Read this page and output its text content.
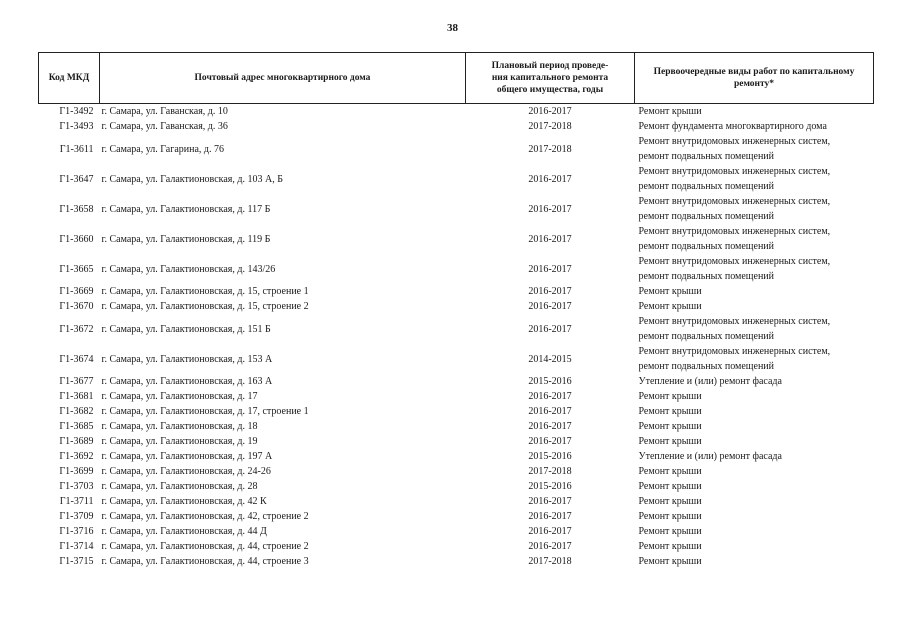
38
Код МКД	Почтовый адрес многоквартирного дома	Плановый период проведе-
ния капитального ремонта
общего имущества, годы	Первоочередные виды работ по капитальному
ремонту*
Г1-3492	г. Самара, ул. Гаванская, д. 10	2016-2017	Ремонт крыши
Г1-3493	г. Самара, ул. Гаванская, д. 36	2017-2018	Ремонт фундамента многоквартирного дома
Г1-3611	г. Самара, ул. Гагарина, д. 76	2017-2018	Ремонт внутридомовых инженерных систем,
ремонт подвальных помещений
Г1-3647	г. Самара, ул. Галактионовская, д. 103 А, Б	2016-2017	Ремонт внутридомовых инженерных систем,
ремонт подвальных помещений
Г1-3658	г. Самара, ул. Галактионовская, д. 117 Б	2016-2017	Ремонт внутридомовых инженерных систем,
ремонт подвальных помещений
Г1-3660	г. Самара, ул. Галактионовская, д. 119 Б	2016-2017	Ремонт внутридомовых инженерных систем,
ремонт подвальных помещений
Г1-3665	г. Самара, ул. Галактионовская, д. 143/26	2016-2017	Ремонт внутридомовых инженерных систем,
ремонт подвальных помещений
Г1-3669	г. Самара, ул. Галактионовская, д. 15, строение 1	2016-2017	Ремонт крыши
Г1-3670	г. Самара, ул. Галактионовская, д. 15, строение 2	2016-2017	Ремонт крыши
Г1-3672	г. Самара, ул. Галактионовская, д. 151 Б	2016-2017	Ремонт внутридомовых инженерных систем,
ремонт подвальных помещений
Г1-3674	г. Самара, ул. Галактионовская, д. 153 А	2014-2015	Ремонт внутридомовых инженерных систем,
ремонт подвальных помещений
Г1-3677	г. Самара, ул. Галактионовская, д. 163 А	2015-2016	Утепление и (или) ремонт фасада
Г1-3681	г. Самара, ул. Галактионовская, д. 17	2016-2017	Ремонт крыши
Г1-3682	г. Самара, ул. Галактионовская, д. 17, строение 1	2016-2017	Ремонт крыши
Г1-3685	г. Самара, ул. Галактионовская, д. 18	2016-2017	Ремонт крыши
Г1-3689	г. Самара, ул. Галактионовская, д. 19	2016-2017	Ремонт крыши
Г1-3692	г. Самара, ул. Галактионовская, д. 197 А	2015-2016	Утепление и (или) ремонт фасада
Г1-3699	г. Самара, ул. Галактионовская, д. 24-26	2017-2018	Ремонт крыши
Г1-3703	г. Самара, ул. Галактионовская, д. 28	2015-2016	Ремонт крыши
Г1-3711	г. Самара, ул. Галактионовская, д. 42 К	2016-2017	Ремонт крыши
Г1-3709	г. Самара, ул. Галактионовская, д. 42, строение 2	2016-2017	Ремонт крыши
Г1-3716	г. Самара, ул. Галактионовская, д. 44 Д	2016-2017	Ремонт крыши
Г1-3714	г. Самара, ул. Галактионовская, д. 44, строение 2	2016-2017	Ремонт крыши
Г1-3715	г. Самара, ул. Галактионовская, д. 44, строение 3	2017-2018	Ремонт крыши
